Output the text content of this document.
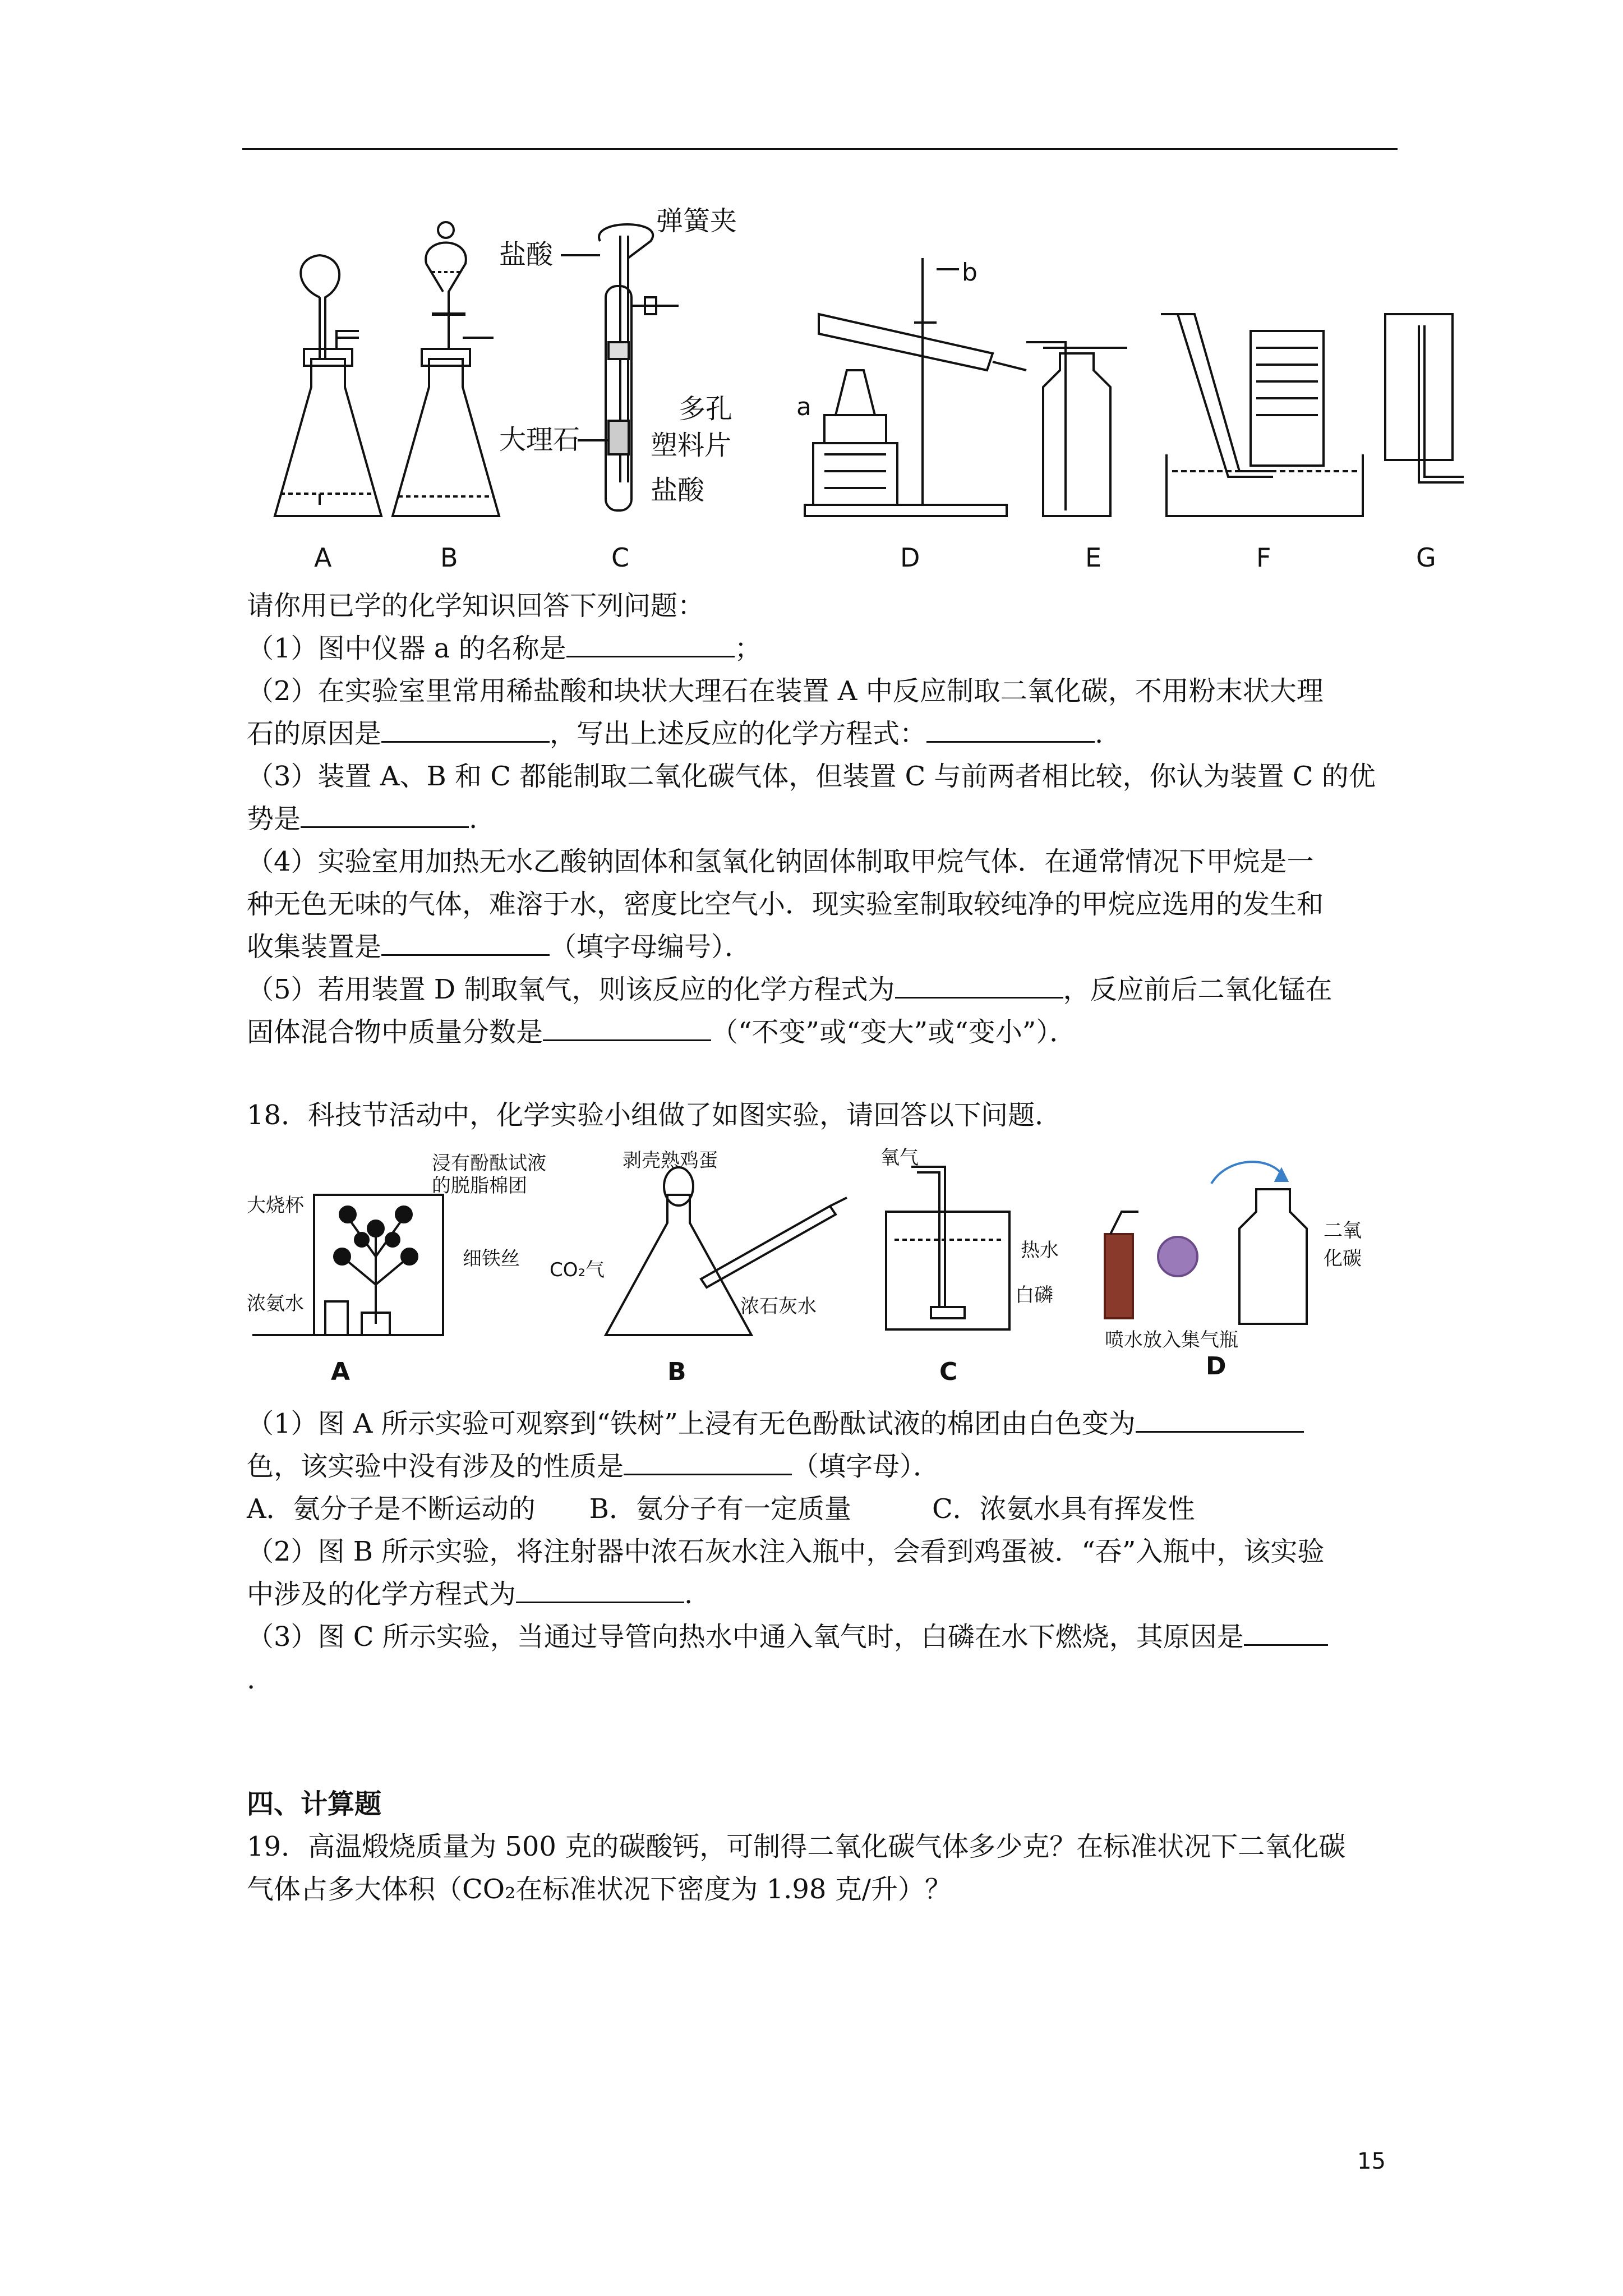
弹簧夹
盐酸
大理石
多孔
塑料片
盐酸
b
a
A	B	C	D	E	F	G
请你用已学的化学知识回答下列问题：
（1）图中仪器 a 的名称是	；
（2）在实验室里常用稀盐酸和块状大理石在装置 A 中反应制取二氧化碳，不用粉末状大理
石的原因是	，写出上述反应的化学方程式：	.
（3）装置 A、B 和 C 都能制取二氧化碳气体，但装置 C 与前两者相比较，你认为装置 C 的优
势是	.
（4）实验室用加热无水乙酸钠固体和氢氧化钠固体制取甲烷气体．在通常情况下甲烷是一
种无色无味的气体，难溶于水，密度比空气小．现实验室制取较纯净的甲烷应选用的发生和
收集装置是	（填字母编号）．
（5）若用装置 D 制取氧气，则该反应的化学方程式为	，反应前后二氧化锰在
固体混合物中质量分数是	（“不变”或“变大”或“变小”）．
18．科技节活动中，化学实验小组做了如图实验，请回答以下问题．
大烧杯
浸有酚酞试液
的脱脂棉团
细铁丝
浓氨水
A
剥壳熟鸡蛋
CO₂气
浓石灰水
B
氧气
热水
白磷
C
二氧
化碳
喷水放入集气瓶
D
（1）图 A 所示实验可观察到“铁树”上浸有无色酚酞试液的棉团由白色变为
色，该实验中没有涉及的性质是	（填字母）．
A．氨分子是不断运动的　　B．氨分子有一定质量　　　C．浓氨水具有挥发性
（2）图 B 所示实验，将注射器中浓石灰水注入瓶中，会看到鸡蛋被．“吞”入瓶中，该实验
中涉及的化学方程式为	.
（3）图 C 所示实验，当通过导管向热水中通入氧气时，白磷在水下燃烧，其原因是
.
四、计算题
19．高温煅烧质量为 500 克的碳酸钙，可制得二氧化碳气体多少克？在标准状况下二氧化碳
气体占多大体积（CO₂在标准状况下密度为 1.98 克/升）？
15
